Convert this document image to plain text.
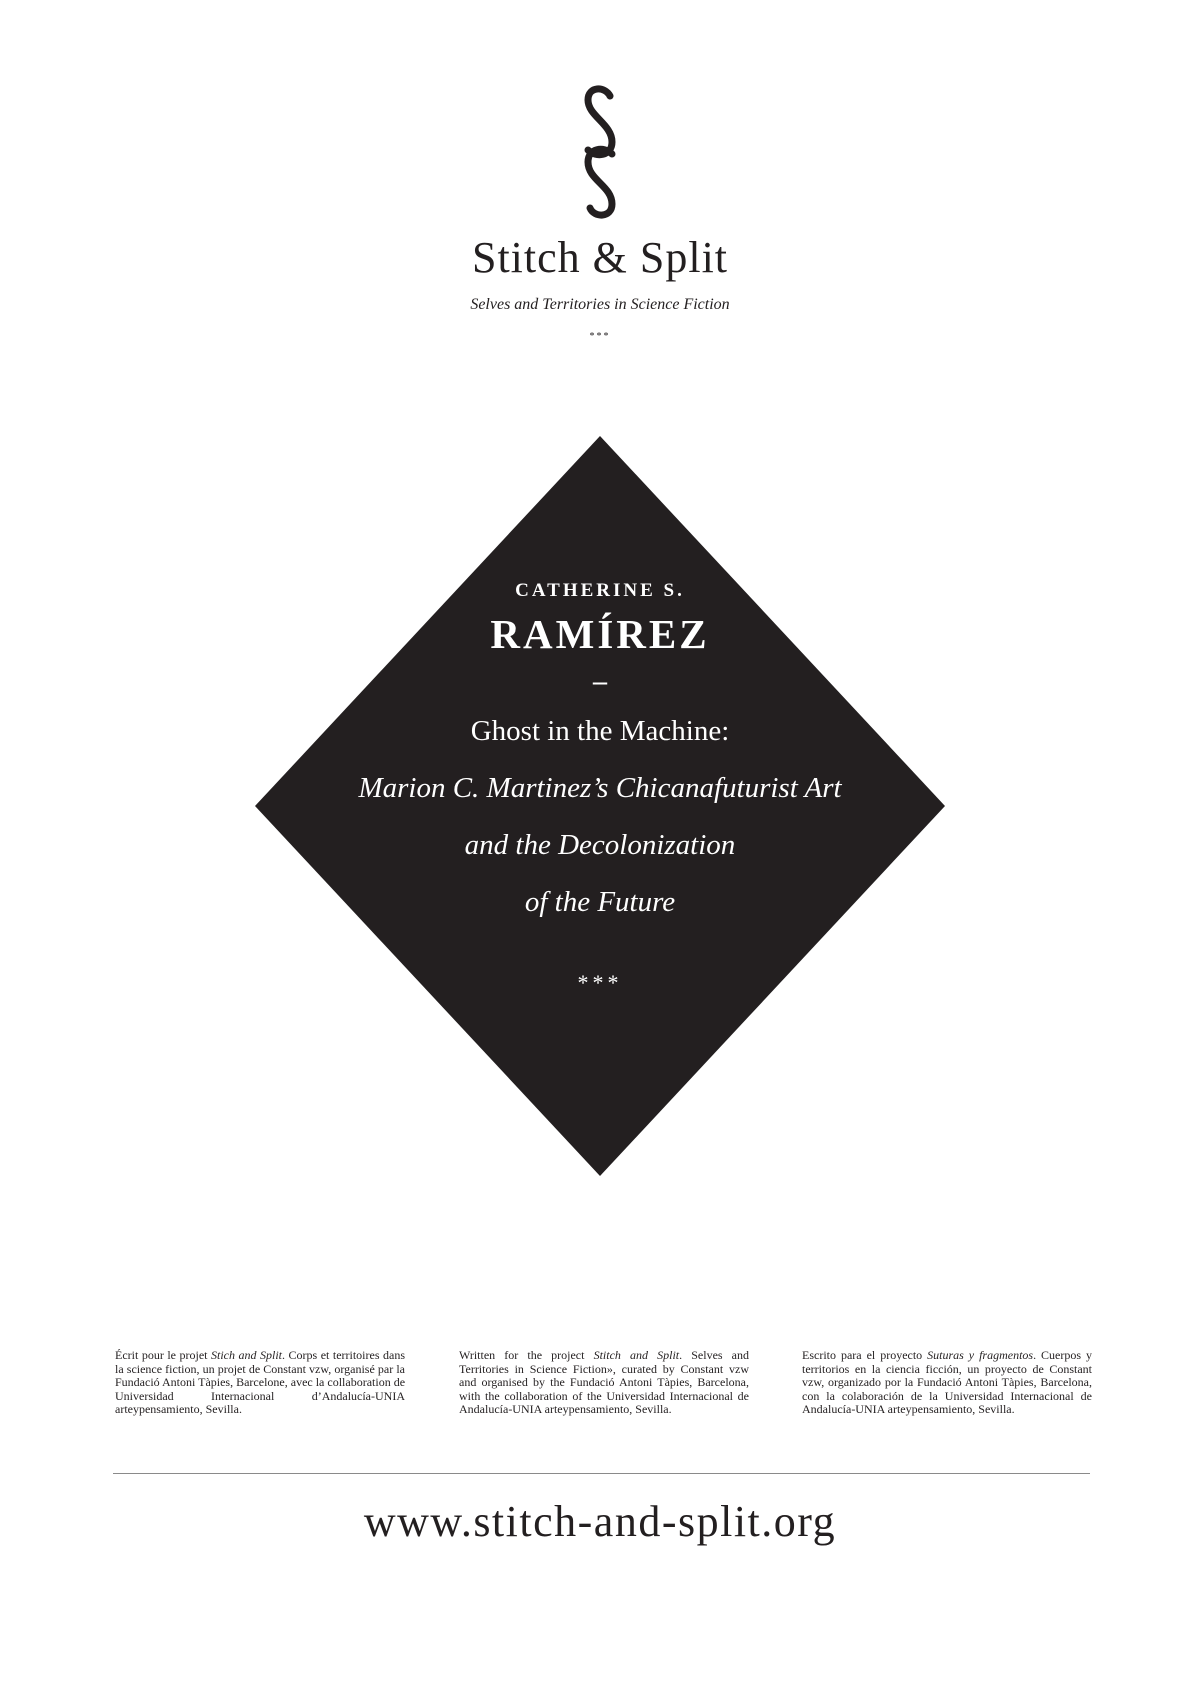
Stitch & Split
Selves and Territories in Science Fiction
***
CATHERINE S.
RAMÍREZ
–
Ghost in the Machine:
Marion C. Martinez’s Chicanafuturist Art
and the Decolonization
of the Future
***
Écrit pour le projet Stich and Split. Corps et territoires dans la science fiction, un projet de Constant vzw, organisé par la Fundació Antoni Tàpies, Barcelone, avec la collaboration de Universidad Internacional d’Andalucía-UNIA arteypensamiento, Sevilla.
Written for the project Stitch and Split. Selves and Territories in Science Fiction», curated by Constant vzw and organised by the Fundació Antoni Tàpies, Barcelona, with the collaboration of the Universidad Internacional de Andalucía-UNIA arteypensamiento, Sevilla.
Escrito para el proyecto Suturas y fragmentos. Cuerpos y territorios en la ciencia ficción, un proyecto de Constant vzw, organizado por la Fundació Antoni Tàpies, Barcelona, con la colaboración de la Universidad Internacional de Andalucía-UNIA arteypensamiento, Sevilla.
www.stitch-and-split.org
